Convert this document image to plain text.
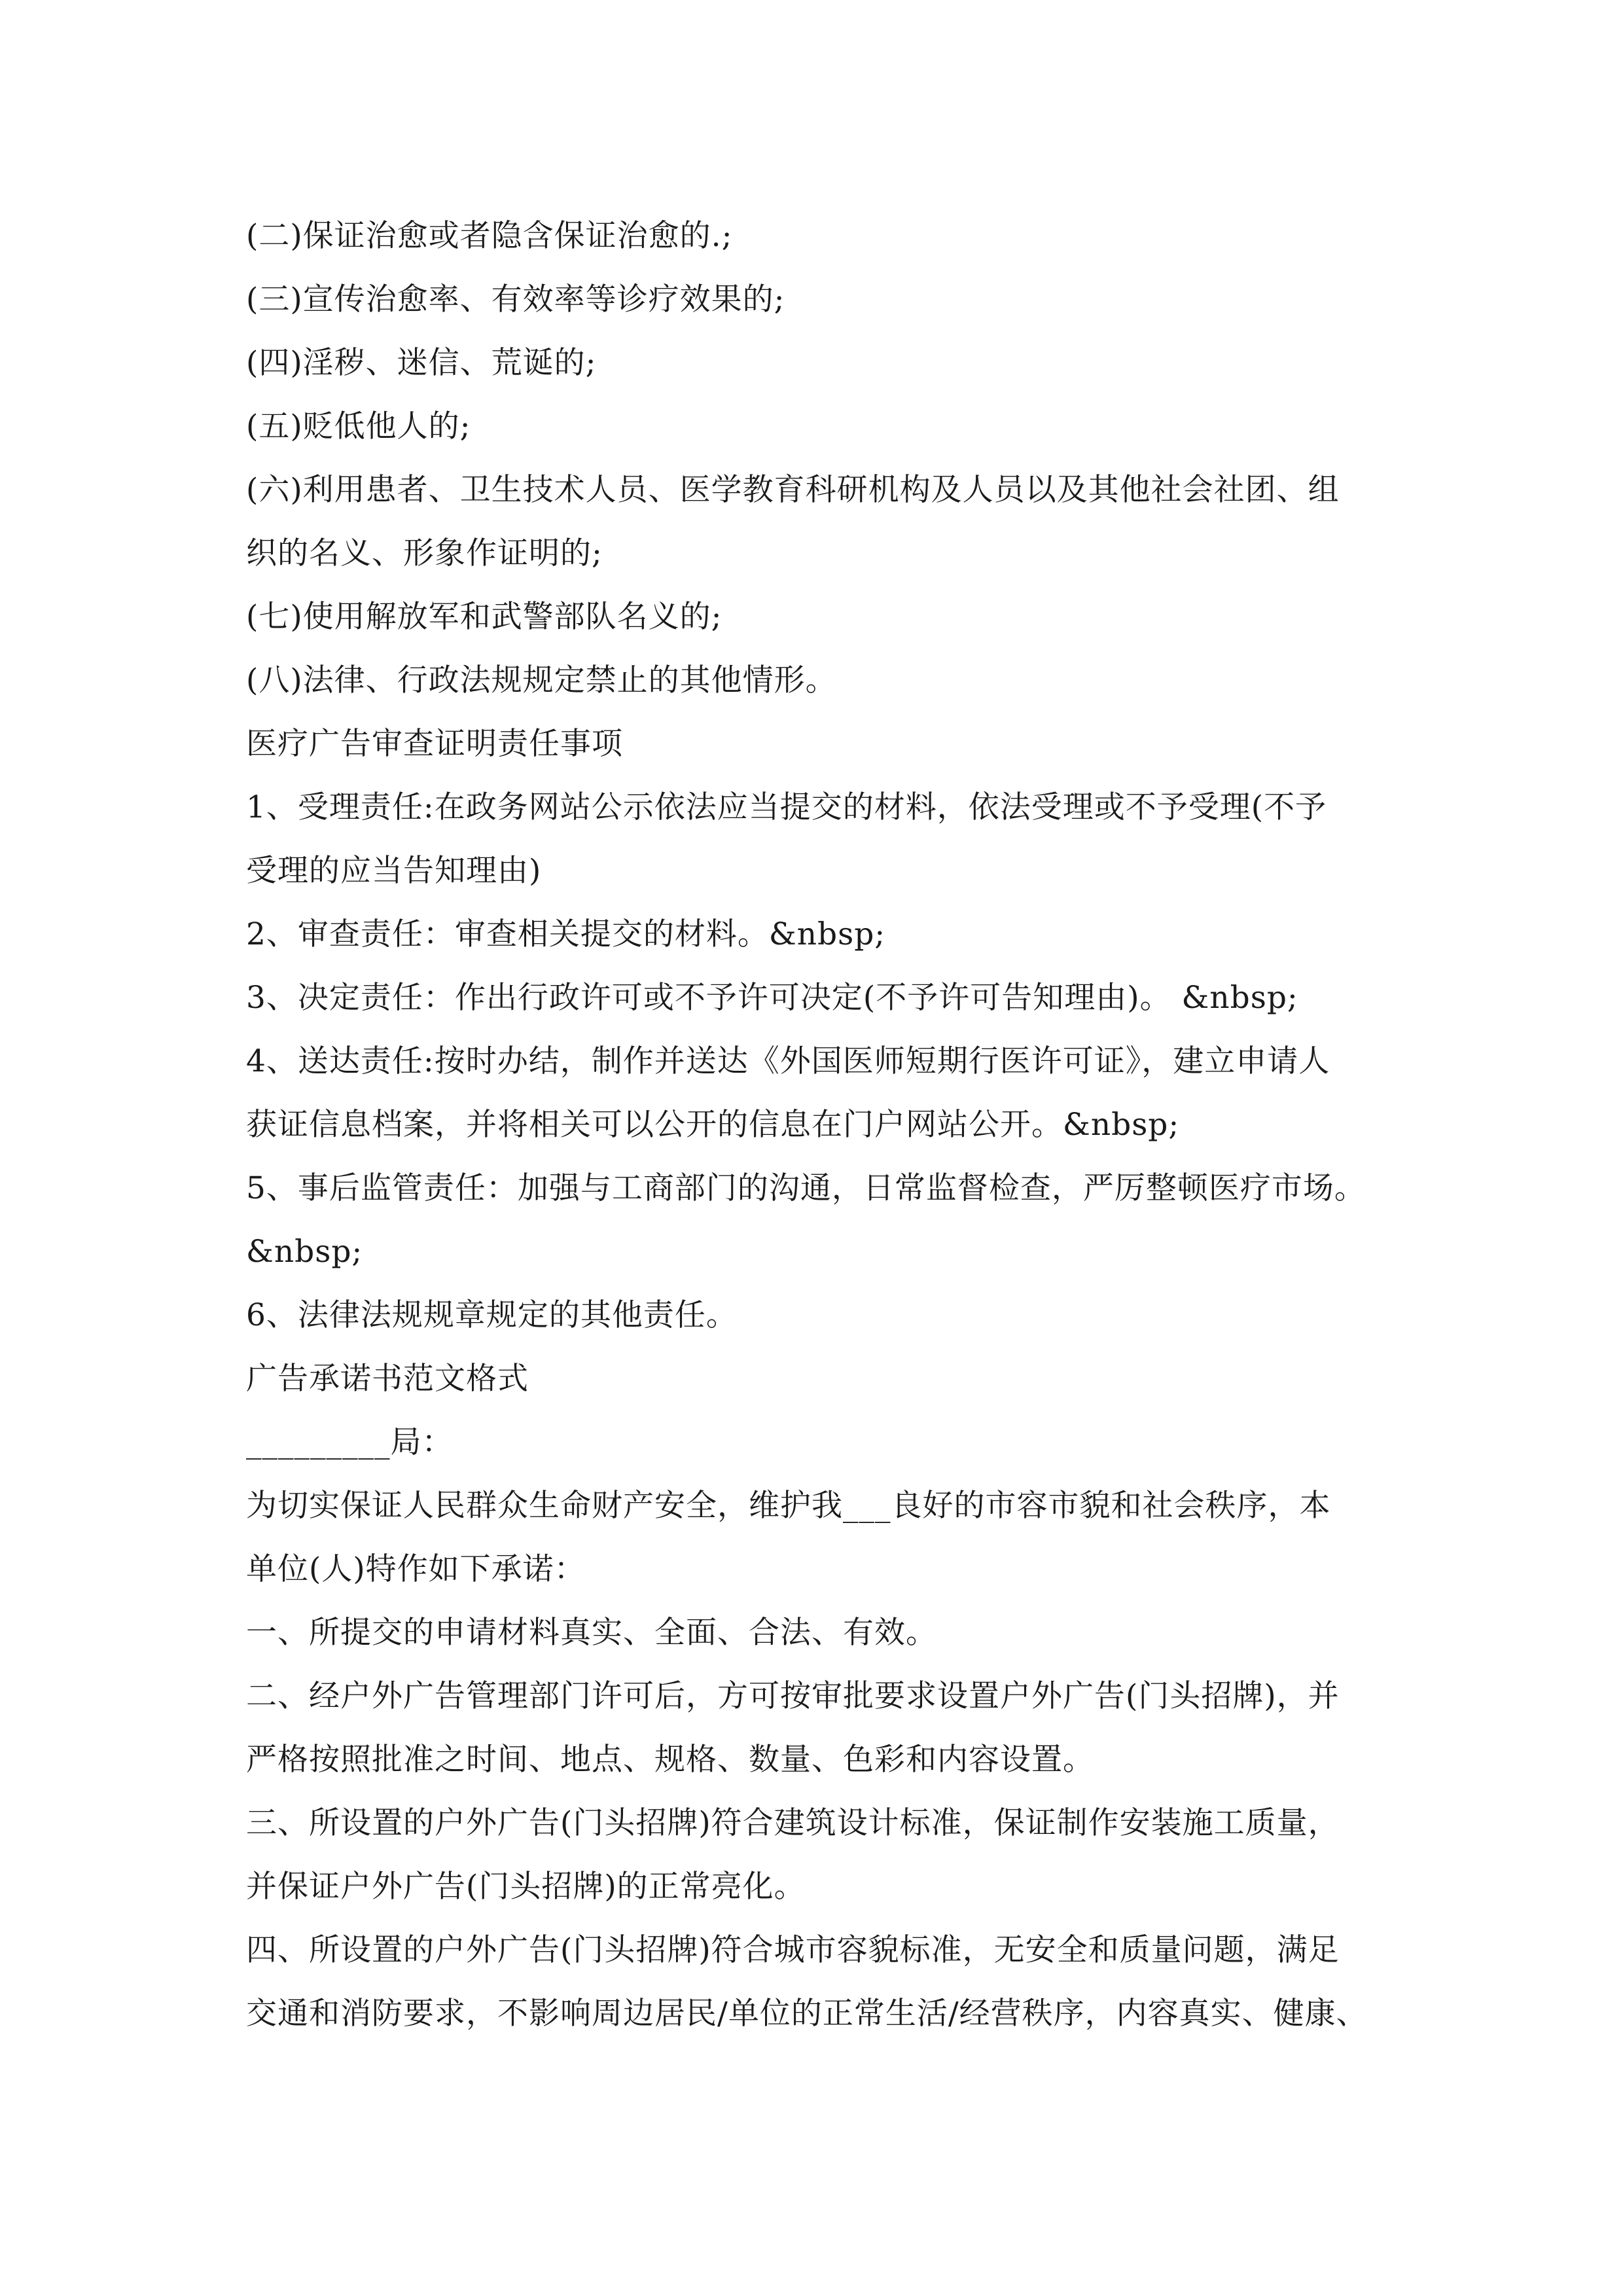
(二)保证治愈或者隐含保证治愈的.;
(三)宣传治愈率、有效率等诊疗效果的;
(四)淫秽、迷信、荒诞的;
(五)贬低他人的;
(六)利用患者、卫生技术人员、医学教育科研机构及人员以及其他社会社团、组
织的名义、形象作证明的;
(七)使用解放军和武警部队名义的;
(八)法律、行政法规规定禁止的其他情形。
医疗广告审查证明责任事项
1、受理责任:在政务网站公示依法应当提交的材料，依法受理或不予受理(不予
受理的应当告知理由)
2、审查责任：审查相关提交的材料。&nbsp;
3、决定责任：作出行政许可或不予许可决定(不予许可告知理由)。 &nbsp;
4、送达责任:按时办结，制作并送达《外国医师短期行医许可证》，建立申请人
获证信息档案，并将相关可以公开的信息在门户网站公开。&nbsp;
5、事后监管责任：加强与工商部门的沟通，日常监督检查，严厉整顿医疗市场。
&nbsp;
6、法律法规规章规定的其他责任。
广告承诺书范文格式
_________局：
为切实保证人民群众生命财产安全，维护我___良好的市容市貌和社会秩序，本
单位(人)特作如下承诺：
一、所提交的申请材料真实、全面、合法、有效。
二、经户外广告管理部门许可后，方可按审批要求设置户外广告(门头招牌)，并
严格按照批准之时间、地点、规格、数量、色彩和内容设置。
三、所设置的户外广告(门头招牌)符合建筑设计标准，保证制作安装施工质量，
并保证户外广告(门头招牌)的正常亮化。
四、所设置的户外广告(门头招牌)符合城市容貌标准，无安全和质量问题，满足
交通和消防要求，不影响周边居民/单位的正常生活/经营秩序，内容真实、健康、
